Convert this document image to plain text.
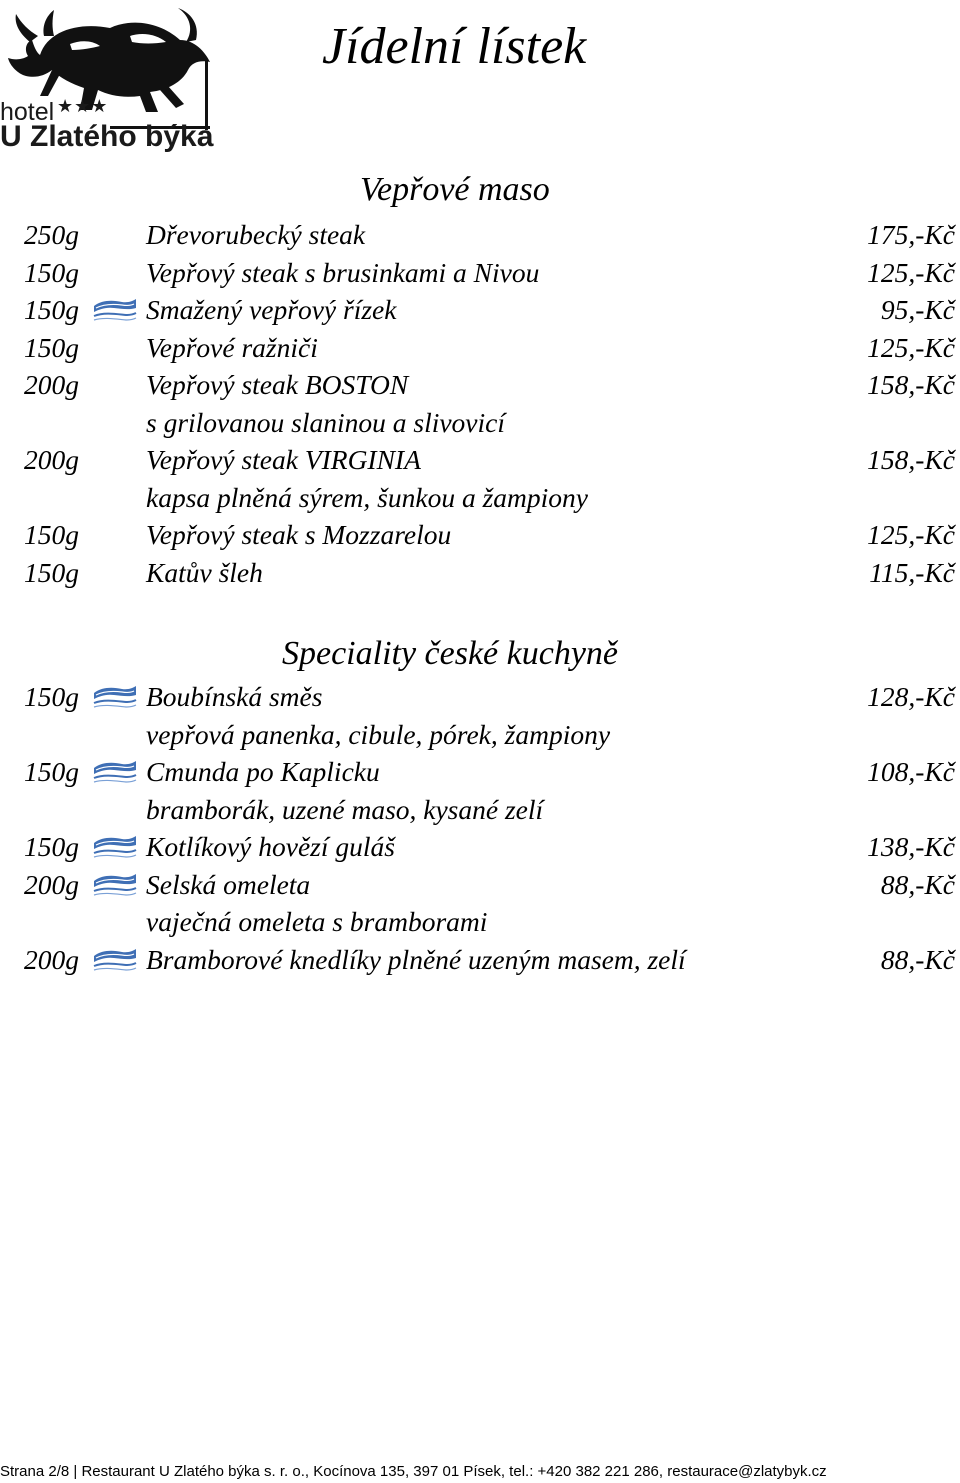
hotel ★★★
U Zlatého býka
Jídelní lístek
Vepřové maso
250g Dřevorubecký steak	175,-Kč
150g Vepřový steak s brusinkami a Nivou	125,-Kč
150g Smažený vepřový řízek	95,-Kč
150g Vepřové ražniči	125,-Kč
200g Vepřový steak BOSTON	158,-Kč
s grilovanou slaninou a slivovicí
200g Vepřový steak VIRGINIA	158,-Kč
kapsa plněná sýrem, šunkou a žampiony
150g Vepřový steak s Mozzarelou	125,-Kč
150g Katův šleh	115,-Kč
Speciality české kuchyně
150g Boubínská směs	128,-Kč
vepřová panenka, cibule, pórek, žampiony
150g Cmunda po Kaplicku	108,-Kč
bramborák, uzené maso, kysané zelí
150g Kotlíkový hovězí guláš	138,-Kč
200g Selská omeleta	88,-Kč
vaječná omeleta s bramborami
200g Bramborové knedlíky plněné uzeným masem, zelí	88,-Kč
Strana 2/8 | Restaurant U Zlatého býka s. r. o., Kocínova 135, 397 01 Písek, tel.: +420 382 221 286, restaurace@zlatybyk.cz
